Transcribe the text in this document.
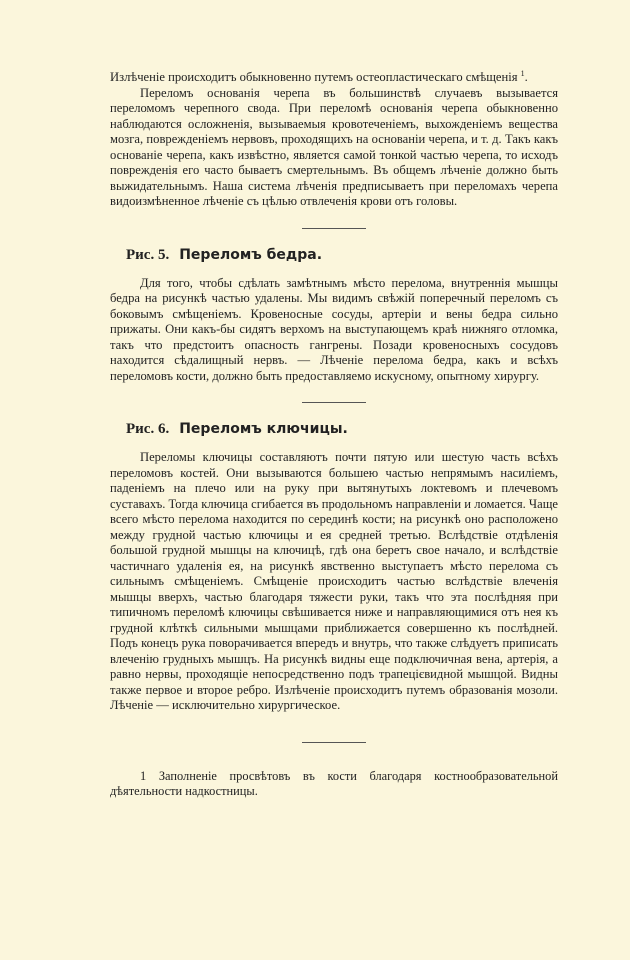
Излѣченіе происходитъ обыкновенно путемъ остеопластическаго смѣщенія $^1$.

Переломъ основанія черепа въ большинствѣ случаевъ вызывается переломомъ черепного свода. При переломѣ основанія черепа обыкновенно наблюдаются осложненія, вызываемыя кровотеченіемъ, выхожденіемъ вещества мозга, поврежденіемъ нервовъ, проходящихъ на основаніи черепа, и т. д. Такъ какъ основаніе черепа, какъ извѣстно, является самой тонкой частью черепа, то исходъ поврежденія его часто бываетъ смертельнымъ. Въ общемъ лѣченіе должно быть выжидательнымъ. Наша система лѣченія предписываетъ при переломахъ черепа видоизмѣненное лѣченіе съ цѣлью отвлеченія крови отъ головы.

Рис. 5. Переломъ бедра.

Для того, чтобы сдѣлать замѣтнымъ мѣсто перелома, внутреннія мышцы бедра на рисункѣ частью удалены. Мы видимъ свѣжій поперечный переломъ съ боковымъ смѣщеніемъ. Кровеносные сосуды, артеріи и вены бедра сильно прижаты. Они какъ-бы сидятъ верхомъ на выступающемъ краѣ нижняго отломка, такъ что предстоитъ опасность гангрены. Позади кровеносныхъ сосудовъ находится сѣдалищный нервъ. — Лѣченіе перелома бедра, какъ и всѣхъ переломовъ кости, должно быть предоставляемо искусному, опытному хирургу.

Рис. 6. Переломъ ключицы.

Переломы ключицы составляютъ почти пятую или шестую часть всѣхъ переломовъ костей. Они вызываются большею частью непрямымъ насиліемъ, паденіемъ на плечо или на руку при вытянутыхъ локтевомъ и плечевомъ суставахъ. Тогда ключица сгибается въ продольномъ направленіи и ломается. Чаще всего мѣсто перелома находится по серединѣ кости; на рисункѣ оно расположено между грудной частью ключицы и ея средней третью. Вслѣдствіе отдѣленія большой грудной мышцы на ключицѣ, гдѣ она беретъ свое начало, и вслѣдствіе частичнаго удаленія ея, на рисункѣ явственно выступаетъ мѣсто перелома съ сильнымъ смѣщеніемъ. Смѣщеніе происходитъ частью вслѣдствіе влеченія мышцы вверхъ, частью благодаря тяжести руки, такъ что эта послѣдняя при типичномъ переломѣ ключицы свѣшивается ниже и направляющимися отъ нея къ грудной клѣткѣ сильными мышцами приближается совершенно къ послѣдней. Подъ конецъ рука поворачивается впередъ и внутрь, что также слѣдуетъ приписать влеченію грудныхъ мышцъ. На рисункѣ видны еще подключичная вена, артерія, а равно нервы, проходящіе непосредственно подъ трапецієвидной мышцой. Видны также первое и второе ребро. Излѣченіе происходитъ путемъ образованія мозоли. Лѣченіе — исключительно хирургическое.

1 Заполненіе просвѣтовъ въ кости благодаря костнообразовательной дѣятельности надкостницы.
